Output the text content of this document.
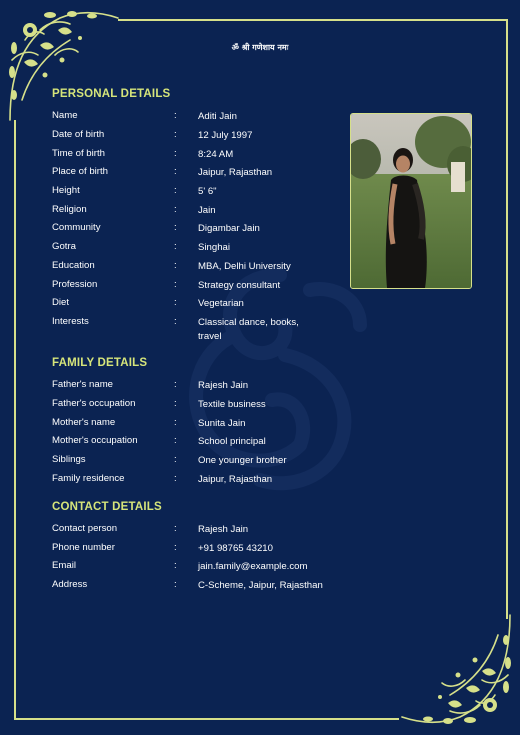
ॐ श्री गणेशाय नमः
PERSONAL DETAILS
Name	: Aditi Jain
Date of birth	: 12 July 1997
Time of birth	: 8:24 AM
Place of birth	: Jaipur, Rajasthan
Height	: 5' 6"
Religion	: Jain
Community	: Digambar Jain
Gotra	: Singhai
Education	: MBA, Delhi University
Profession	: Strategy consultant
Diet	: Vegetarian
Interests	: Classical dance, books, travel
FAMILY DETAILS
Father's name	: Rajesh Jain
Father's occupation	: Textile business
Mother's name	: Sunita Jain
Mother's occupation	: School principal
Siblings	: One younger brother
Family residence	: Jaipur, Rajasthan
CONTACT DETAILS
Contact person	: Rajesh Jain
Phone number	: +91 98765 43210
Email	: jain.family@example.com
Address	: C-Scheme, Jaipur, Rajasthan
